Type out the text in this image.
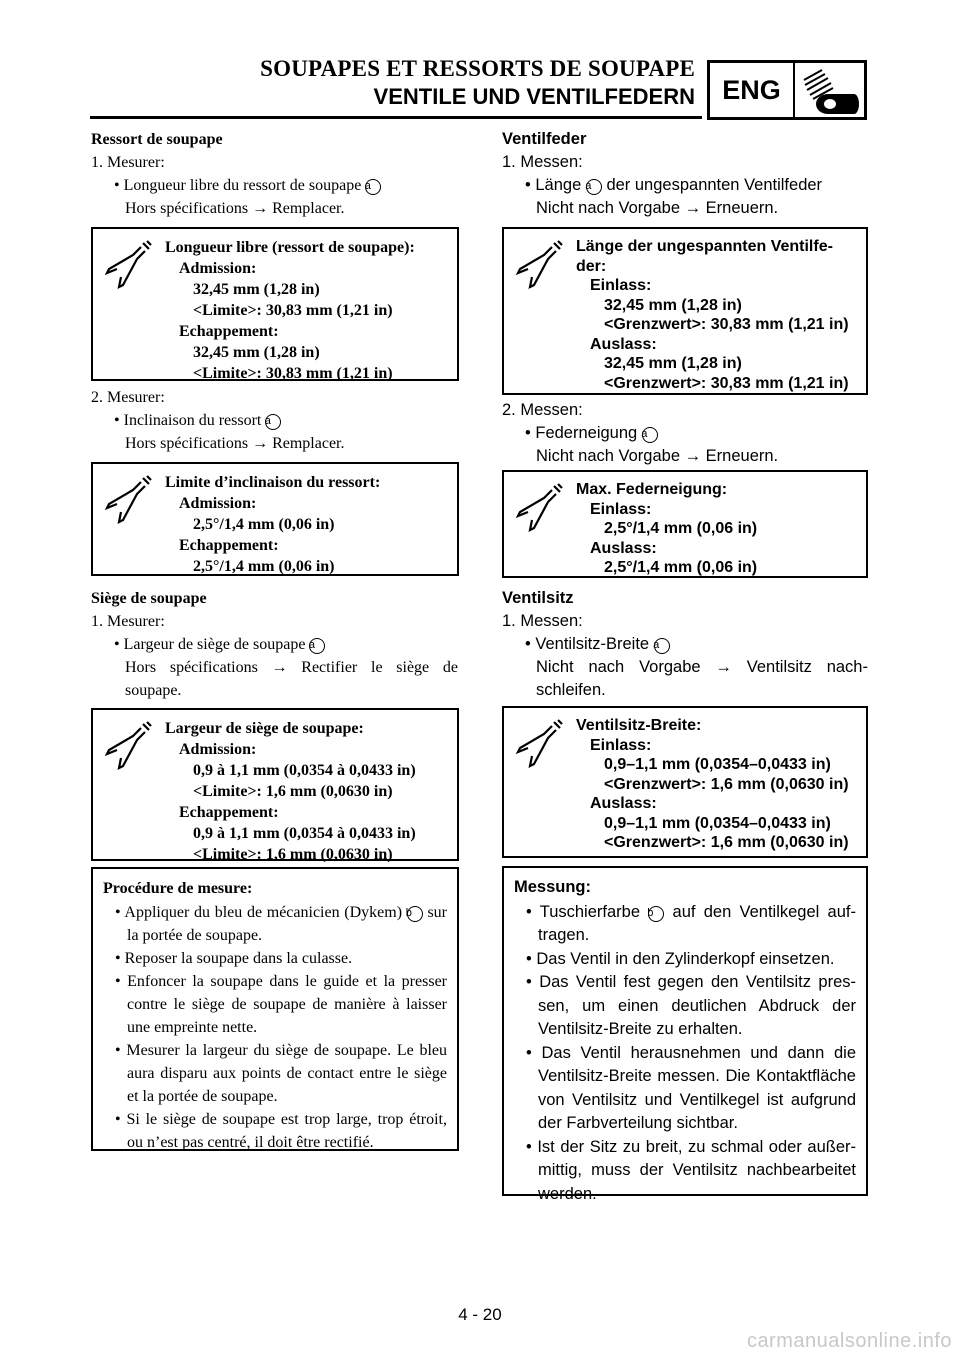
SOUPAPES ET RESSORTS DE SOUPAPE
VENTILE UND VENTILFEDERN	ENG
Ressort de soupape
1. Mesurer:
• Longueur libre du ressort de soupape a
Hors spécifications → Remplacer.
Longueur libre (ressort de soupape):
Admission:
32,45 mm (1,28 in)
<Limite>: 30,83 mm (1,21 in)
Echappement:
32,45 mm (1,28 in)
<Limite>: 30,83 mm (1,21 in)
2. Mesurer:
• Inclinaison du ressort a
Hors spécifications → Remplacer.
Limite d’inclinaison du ressort:
Admission:
2,5°/1,4 mm (0,06 in)
Echappement:
2,5°/1,4 mm (0,06 in)
Siège de soupape
1. Mesurer:
• Largeur de siège de soupape a
Hors spécifications → Rectifier le siège de soupape.
Largeur de siège de soupape:
Admission:
0,9 à 1,1 mm (0,0354 à 0,0433 in)
<Limite>: 1,6 mm (0,0630 in)
Echappement:
0,9 à 1,1 mm (0,0354 à 0,0433 in)
<Limite>: 1,6 mm (0,0630 in)
Procédure de mesure:
• Appliquer du bleu de mécanicien (Dykem) b sur la portée de soupape.
• Reposer la soupape dans la culasse.
• Enfoncer la soupape dans le guide et la presser contre le siège de soupape de manière à laisser une empreinte nette.
• Mesurer la largeur du siège de soupape. Le bleu aura disparu aux points de contact entre le siège et la portée de soupape.
• Si le siège de soupape est trop large, trop étroit, ou n’est pas centré, il doit être rectifié.
Ventilfeder
1. Messen:
• Länge a der ungespannten Ventilfeder
Nicht nach Vorgabe → Erneuern.
Länge der ungespannten Ventilfe-
der:
Einlass:
32,45 mm (1,28 in)
<Grenzwert>: 30,83 mm (1,21 in)
Auslass:
32,45 mm (1,28 in)
<Grenzwert>: 30,83 mm (1,21 in)
2. Messen:
• Federneigung a
Nicht nach Vorgabe → Erneuern.
Max. Federneigung:
Einlass:
2,5°/1,4 mm (0,06 in)
Auslass:
2,5°/1,4 mm (0,06 in)
Ventilsitz
1. Messen:
• Ventilsitz-Breite a
Nicht nach Vorgabe → Ventilsitz nachschleifen.
Ventilsitz-Breite:
Einlass:
0,9–1,1 mm (0,0354–0,0433 in)
<Grenzwert>: 1,6 mm (0,0630 in)
Auslass:
0,9–1,1 mm (0,0354–0,0433 in)
<Grenzwert>: 1,6 mm (0,0630 in)
Messung:
• Tuschierfarbe b auf den Ventilkegel auftragen.
• Das Ventil in den Zylinderkopf einsetzen.
• Das Ventil fest gegen den Ventilsitz pressen, um einen deutlichen Abdruck der Ventilsitz-Breite zu erhalten.
• Das Ventil herausnehmen und dann die Ventilsitz-Breite messen. Die Kontaktfläche von Ventilsitz und Ventilkegel ist aufgrund der Farbverteilung sichtbar.
• Ist der Sitz zu breit, zu schmal oder außermittig, muss der Ventilsitz nachbearbeitet werden.
4 - 20
carmanualsonline.info
